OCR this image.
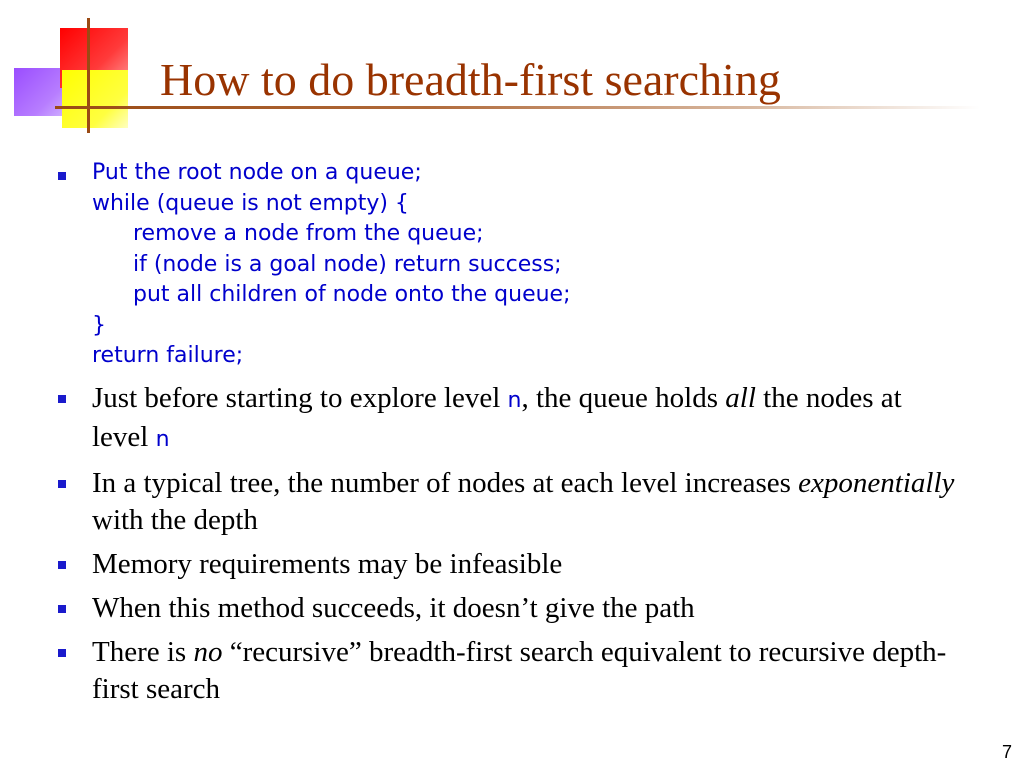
How to do breadth-first searching
Put the root node on a queue;
while (queue is not empty) {
remove a node from the queue;
if (node is a goal node) return success;
put all children of node onto the queue;
}
return failure;
Just before starting to explore level n, the queue holds all the nodes at level n
In a typical tree, the number of nodes at each level increases exponentially with the depth
Memory requirements may be infeasible
When this method succeeds, it doesn’t give the path
There is no “recursive” breadth-first search equivalent to recursive depth-first search
7
